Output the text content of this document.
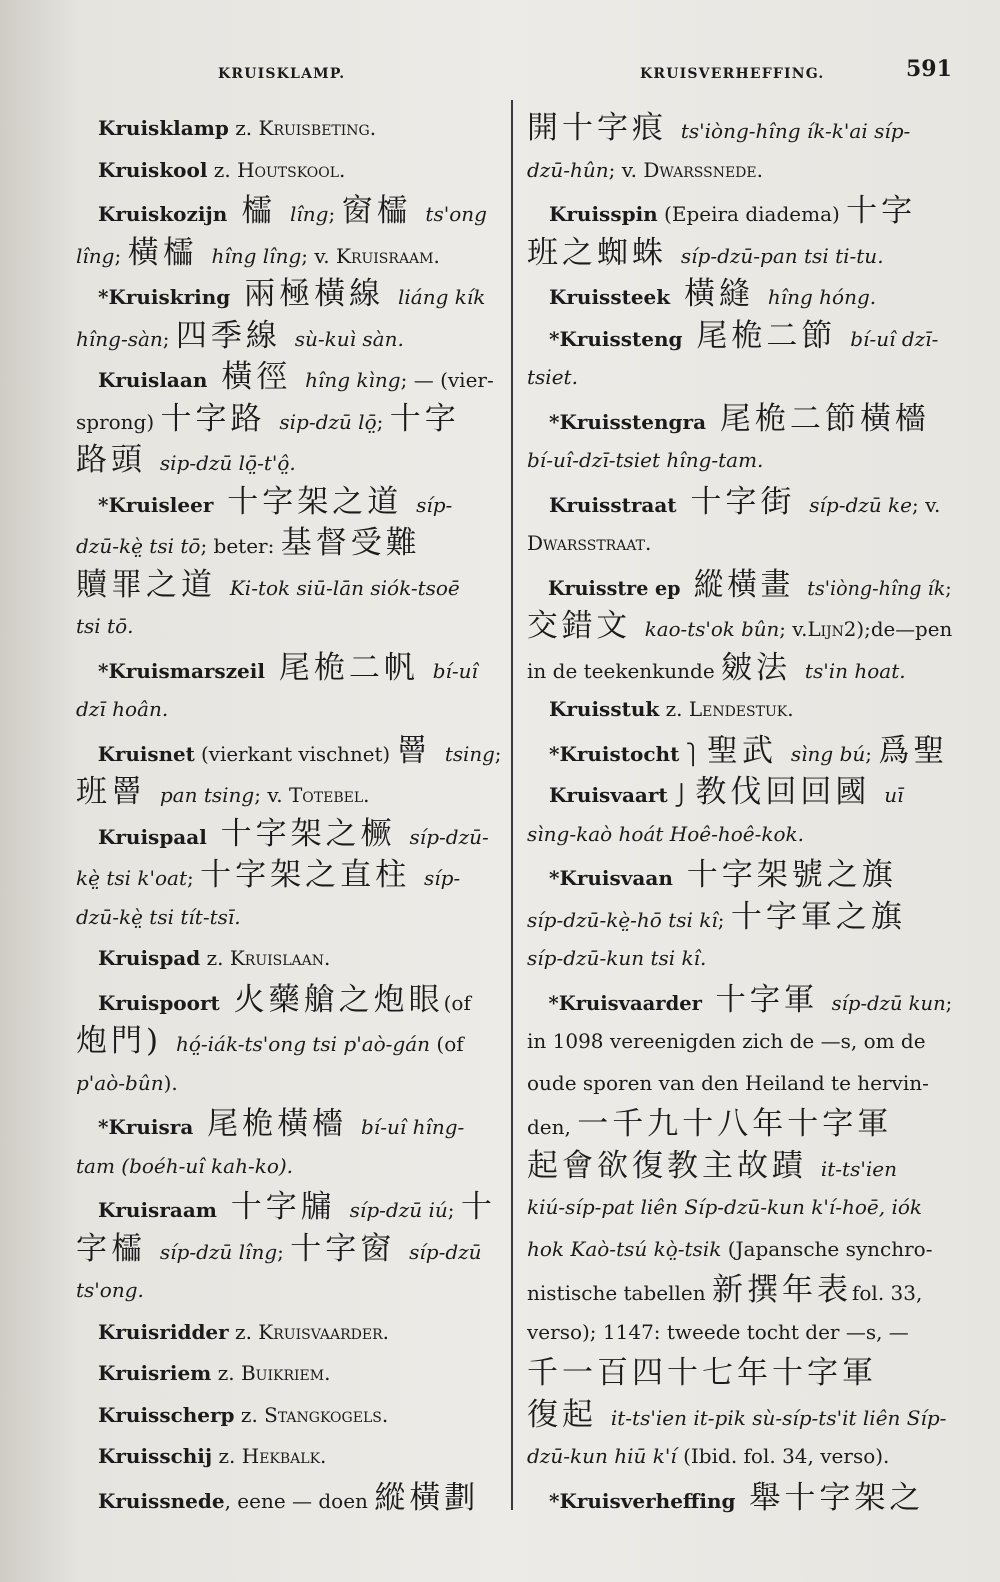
KRUISKLAMP.	KRUISVERHEFFING.	591
Kruisklamp z. Kruisbeting.
Kruiskool z. Houtskool.
Kruiskozijn 櫺 lîng; 窗櫺 ts'ong
lîng; 橫櫺 hîng lîng; v. Kruisraam.
*Kruiskring 兩極橫線 liáng kík
hîng-sàn; 四季線 sù-kuì sàn.
Kruislaan 橫徑 hîng kìng; — (vier-
sprong) 十字路 sip-dzū lō̤; 十字
路頭 sip-dzū lō̤-t'ô̤.
*Kruisleer 十字架之道 síp-
dzū-kè̤ tsi tō; beter: 基督受難
贖罪之道 Ki-tok siū-lān siók-tsoē
tsi tō.
*Kruismarszeil 尾桅二帆 bí-uî
dzī hoân.
Kruisnet (vierkant vischnet) 罾 tsing;
班罾 pan tsing; v. Totebel.
Kruispaal 十字架之橛 síp-dzū-
kè̤ tsi k'oat; 十字架之直柱 síp-
dzū-kè̤ tsi tít-tsī.
Kruispad z. Kruislaan.
Kruispoort 火藥艙之炮眼(of
炮門) hó̤-iák-ts'ong tsi p'aò-gán (of
p'aò-bûn).
*Kruisra 尾桅橫檣 bí-uî hîng-
tam (boéh-uî kah-ko).
Kruisraam 十字牖 síp-dzū iú; 十
字櫺 síp-dzū lîng; 十字窗 síp-dzū
ts'ong.
Kruisridder z. Kruisvaarder.
Kruisriem z. Buikriem.
Kruisscherp z. Stangkogels.
Kruisschij z. Hekbalk.
Kruissnede, eene — doen 縱橫劃
開十字痕 ts'iòng-hîng ík-k'ai síp-
dzū-hûn; v. Dwarssnede.
Kruisspin (Epeira diadema) 十字
班之蜘蛛 síp-dzū-pan tsi ti-tu.
Kruissteek 橫縫 hîng hóng.
*Kruissteng 尾桅二節 bí-uî dzī-
tsiet.
*Kruisstengra 尾桅二節橫檣
bí-uî-dzī-tsiet hîng-tam.
Kruisstraat 十字街 síp-dzū ke; v.
Dwarsstraat.
Kruisstre ep 縱橫畫 ts'iòng-hîng ík;
交錯文 kao-ts'ok bûn; v.Lijn2);de—pen
in de teekenkunde 皴法 ts'in hoat.
Kruisstuk z. Lendestuk.
*Kruistocht ⎫ 聖武 sìng bú; 爲聖
Kruisvaart ⎭ 教伐回回國 uī
sìng-kaò hoát Hoê-hoê-kok.
*Kruisvaan 十字架號之旗
síp-dzū-kè̤-hō tsi kî; 十字軍之旗
síp-dzū-kun tsi kî.
*Kruisvaarder 十字軍 síp-dzū kun;
in 1098 vereenigden zich de —s, om de
oude sporen van den Heiland te hervin-
den, 一千九十八年十字軍
起會欲復教主故蹟 it-ts'ien
kiú-síp-pat liên Síp-dzū-kun k'í-hoē, iók
hok Kaò-tsú kò̤-tsik (Japansche synchro-
nistische tabellen 新撰年表fol. 33,
verso); 1147: tweede tocht der —s, —
千一百四十七年十字軍
復起 it-ts'ien it-pik sù-síp-ts'it liên Síp-
dzū-kun hiū k'í (Ibid. fol. 34, verso).
*Kruisverheffing 舉十字架之
